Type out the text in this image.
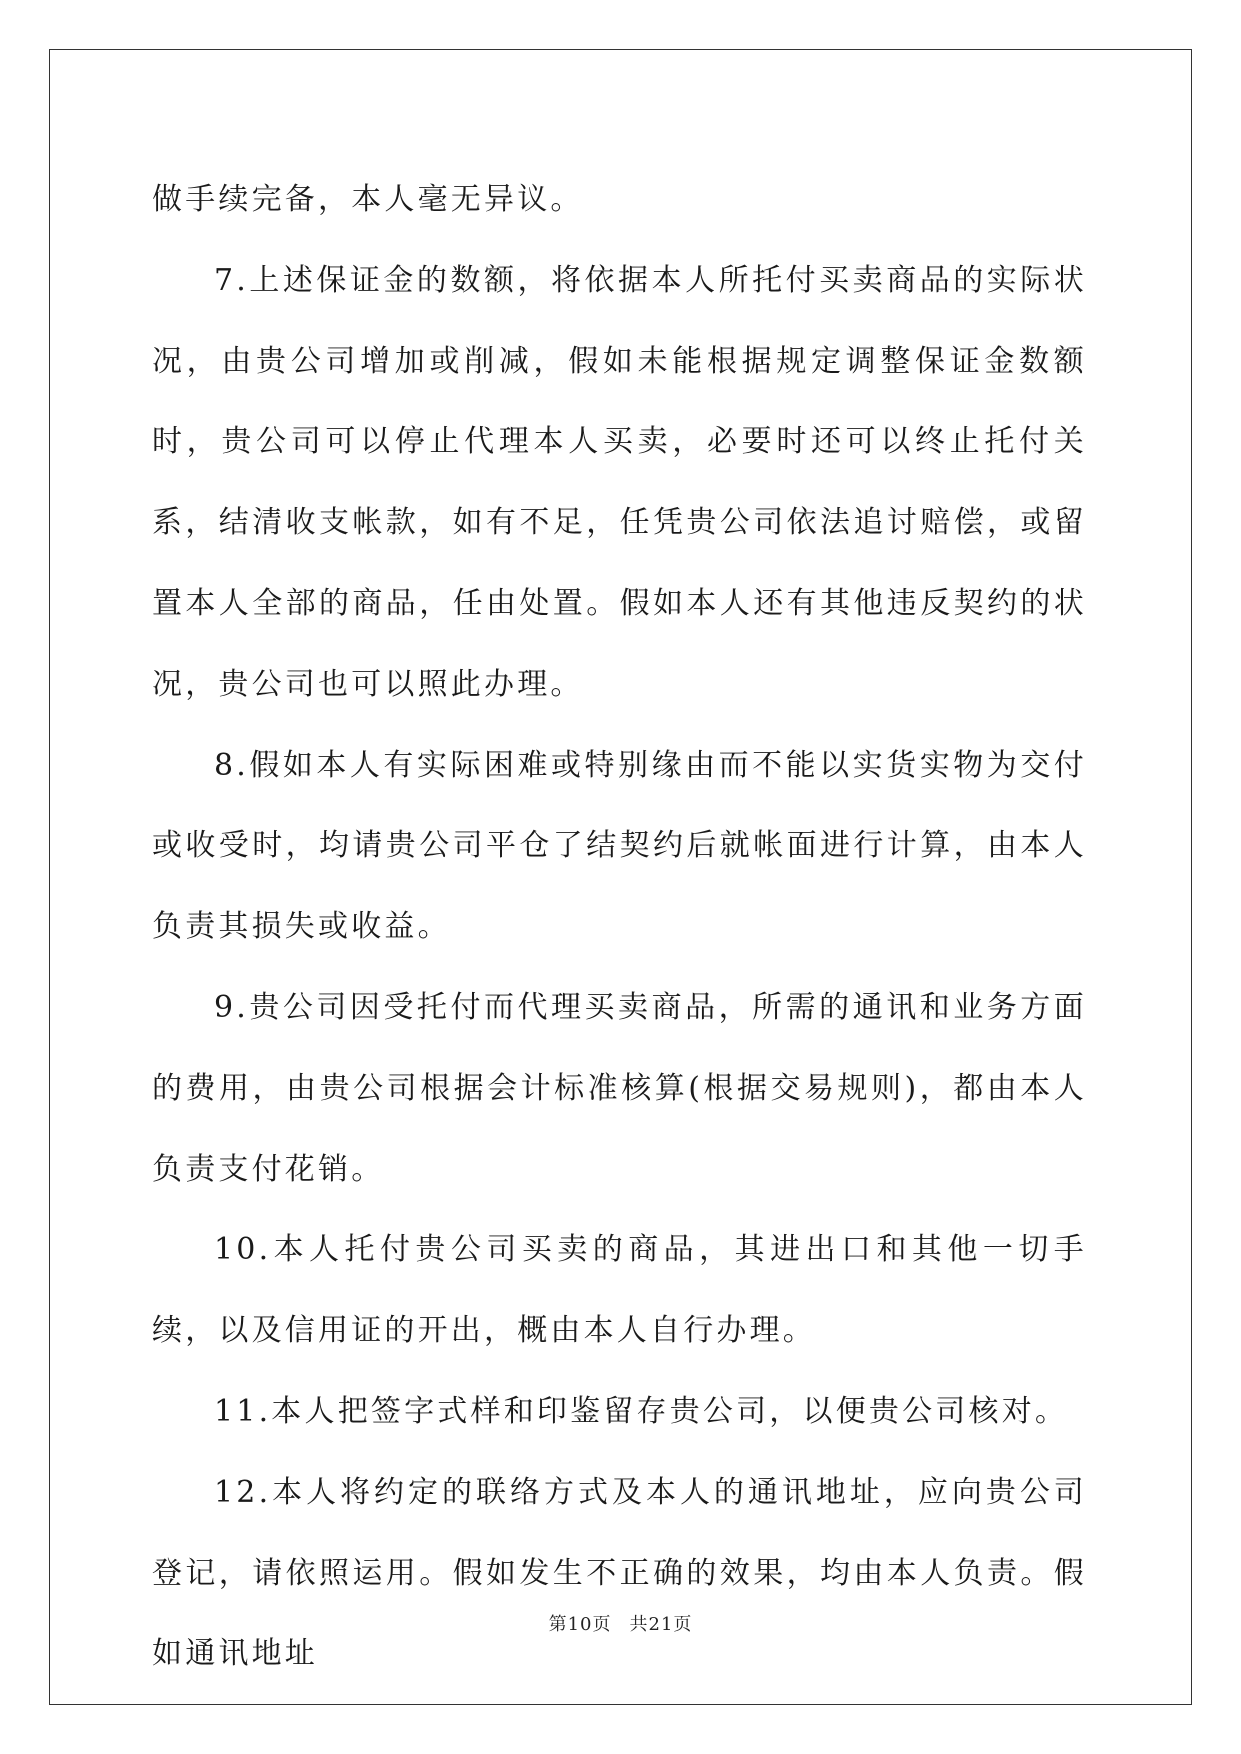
做手续完备，本人毫无异议。

7.上述保证金的数额，将依据本人所托付买卖商品的实际状况，由贵公司增加或削减，假如未能根据规定调整保证金数额时，贵公司可以停止代理本人买卖，必要时还可以终止托付关系，结清收支帐款，如有不足，任凭贵公司依法追讨赔偿，或留置本人全部的商品，任由处置。假如本人还有其他违反契约的状况，贵公司也可以照此办理。

8.假如本人有实际困难或特别缘由而不能以实货实物为交付或收受时，均请贵公司平仓了结契约后就帐面进行计算，由本人负责其损失或收益。

9.贵公司因受托付而代理买卖商品，所需的通讯和业务方面的费用，由贵公司根据会计标准核算(根据交易规则)，都由本人负责支付花销。

10.本人托付贵公司买卖的商品，其进出口和其他一切手续，以及信用证的开出，概由本人自行办理。

11.本人把签字式样和印鉴留存贵公司，以便贵公司核对。

12.本人将约定的联络方式及本人的通讯地址，应向贵公司登记，请依照运用。假如发生不正确的效果，均由本人负责。假如通讯地址

第10页 共21页
